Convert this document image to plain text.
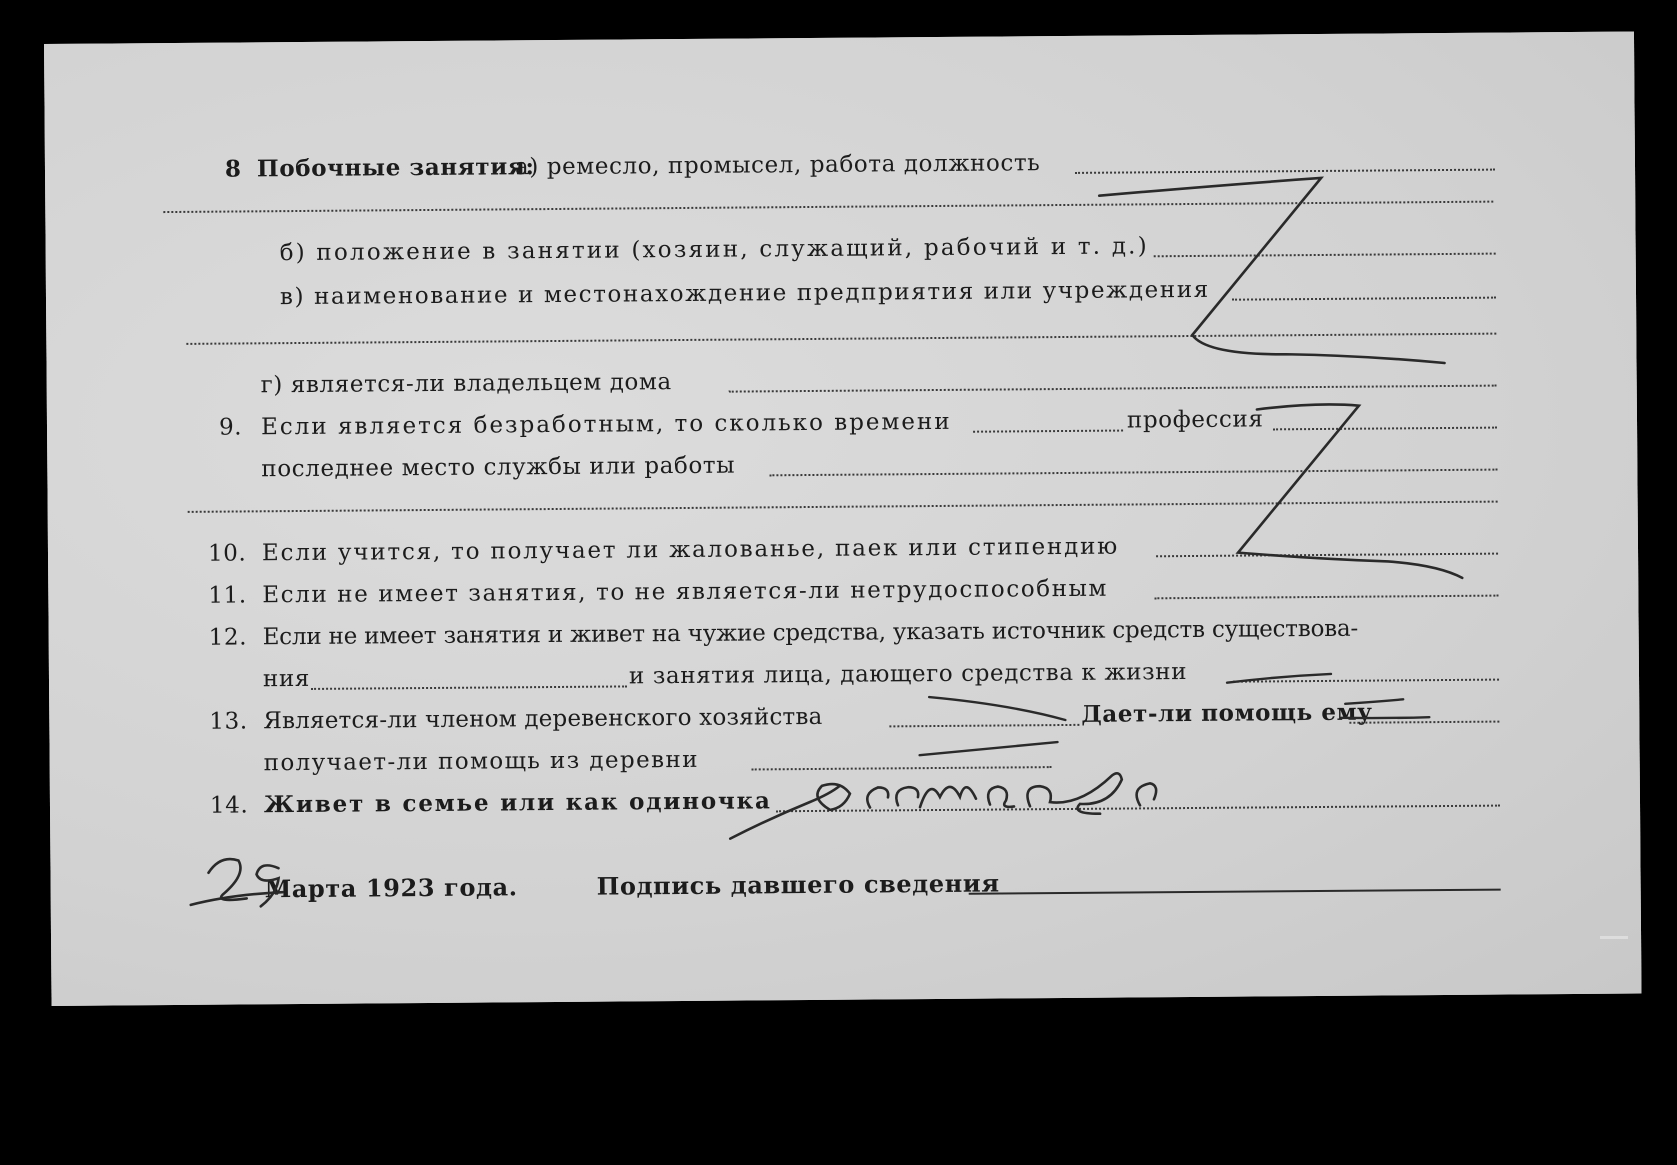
8 Побочные занятия:
а) ремесло, промысел, работа должность
б) положение в занятии (хозяин, служащий, рабочий и т. д.)
в) наименование и местонахождение предприятия или учреждения
г) является-ли владельцем дома
9. Если является безработным, то сколько времени	профессия
последнее место службы или работы
10. Если учится, то получает ли жалованье, паек или стипендию
11. Если не имеет занятия, то не является-ли нетрудоспособным
12. Если не имеет занятия и живет на чужие средства, указать источник средств существова-
ния	и занятия лица, дающего средства к жизни
13. Является-ли членом деревенского хозяйства	Дает-ли помощь ему
получает-ли помощь из деревни
14. Живет в семье или как одиночка
Марта 1923 года.	Подпись давшего сведения
